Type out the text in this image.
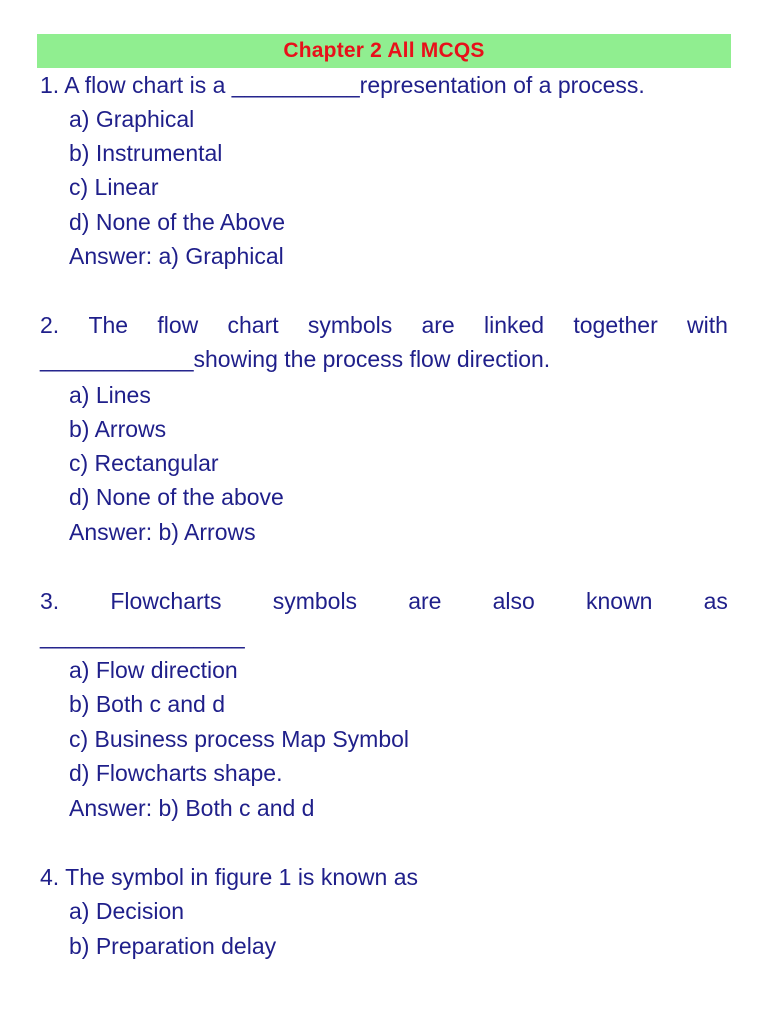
Chapter 2 All MCQS
1. A flow chart is a __________representation of a process.
a) Graphical
b) Instrumental
c) Linear
d) None of the Above
Answer: a) Graphical
2. The flow chart symbols are linked together with
____________showing the process flow direction.
a) Lines
b) Arrows
c) Rectangular
d) None of the above
Answer: b) Arrows
3. Flowcharts symbols are also known as
________________
a) Flow direction
b) Both c and d
c) Business process Map Symbol
d) Flowcharts shape.
Answer: b) Both c and d
4. The symbol in figure 1 is known as
a) Decision
b) Preparation delay
